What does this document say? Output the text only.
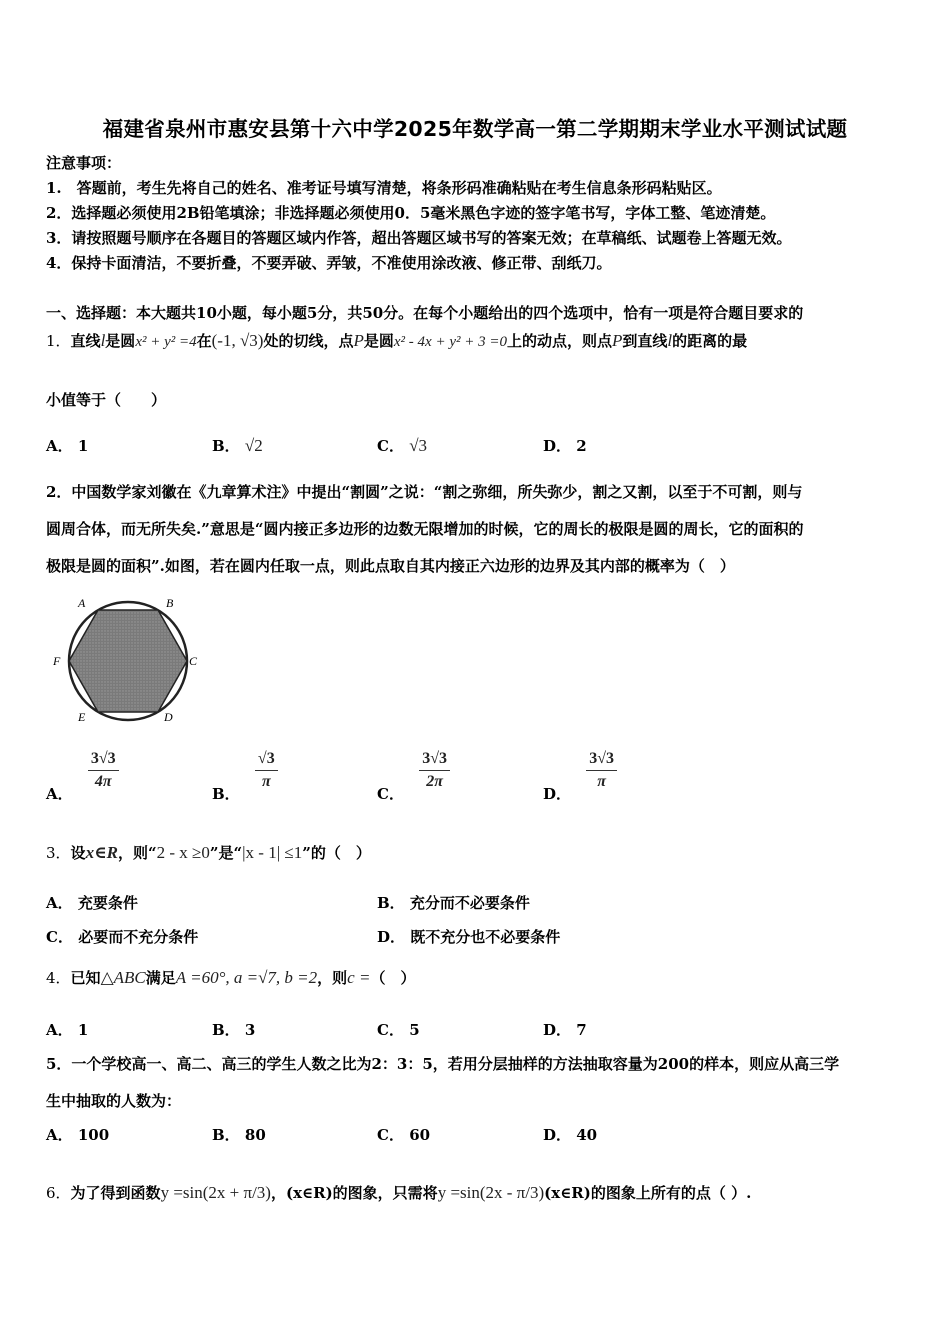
福建省泉州市惠安县第十六中学2025年数学高一第二学期期末学业水平测试试题
注意事项：
1.　答题前，考生先将自己的姓名、准考证号填写清楚，将条形码准确粘贴在考生信息条形码粘贴区。
2．选择题必须使用2B铅笔填涂；非选择题必须使用0．5毫米黑色字迹的签字笔书写，字体工整、笔迹清楚。
3．请按照题号顺序在各题目的答题区域内作答，超出答题区域书写的答案无效；在草稿纸、试题卷上答题无效。
4．保持卡面清洁，不要折叠，不要弄破、弄皱，不准使用涂改液、修正带、刮纸刀。
一、选择题：本大题共10小题，每小题5分，共50分。在每个小题给出的四个选项中，恰有一项是符合题目要求的
1．直线l是圆x² + y² =4在(-1, √3)处的切线，点P是圆x² - 4x + y² + 3 =0上的动点，则点P到直线l的距离的最
小值等于（　　）
A． 1	B． √2	C． √3	D． 2
2．中国数学家刘徽在《九章算术注》中提出“割圆”之说：“割之弥细，所失弥少，割之又割，以至于不可割，则与
圆周合体，而无所失矣.”意思是“圆内接正多边形的边数无限增加的时候，它的周长的极限是圆的周长，它的面积的
极限是圆的面积”.如图，若在圆内任取一点，则此点取自其内接正六边形的边界及其内部的概率为（　）
A	B
C
D
E
F
A．
$\frac{3√3}{4\pi}$
B．
$\frac{√3}{\pi}$
C．
$\frac{3√3}{2\pi}$
D．
$\frac{3√3}{\pi}$
3．设x∈R，则“2 - x ≥0”是“|x - 1| ≤1”的（　）
A． 充要条件	B． 充分而不必要条件
C． 必要而不充分条件	D． 既不充分也不必要条件
4．已知△ABC满足A =60°, a =√7, b =2，则c =（　）
A． 1	B． 3	C． 5	D． 7
5．一个学校高一、高二、高三的学生人数之比为2：3：5，若用分层抽样的方法抽取容量为200的样本，则应从高三学
生中抽取的人数为：
A． 100	B． 80	C． 60	D． 40
6．为了得到函数y =sin(2x + π/3)，(x∈R)的图象，只需将y =sin(2x - π/3)(x∈R)的图象上所有的点（ ）.
